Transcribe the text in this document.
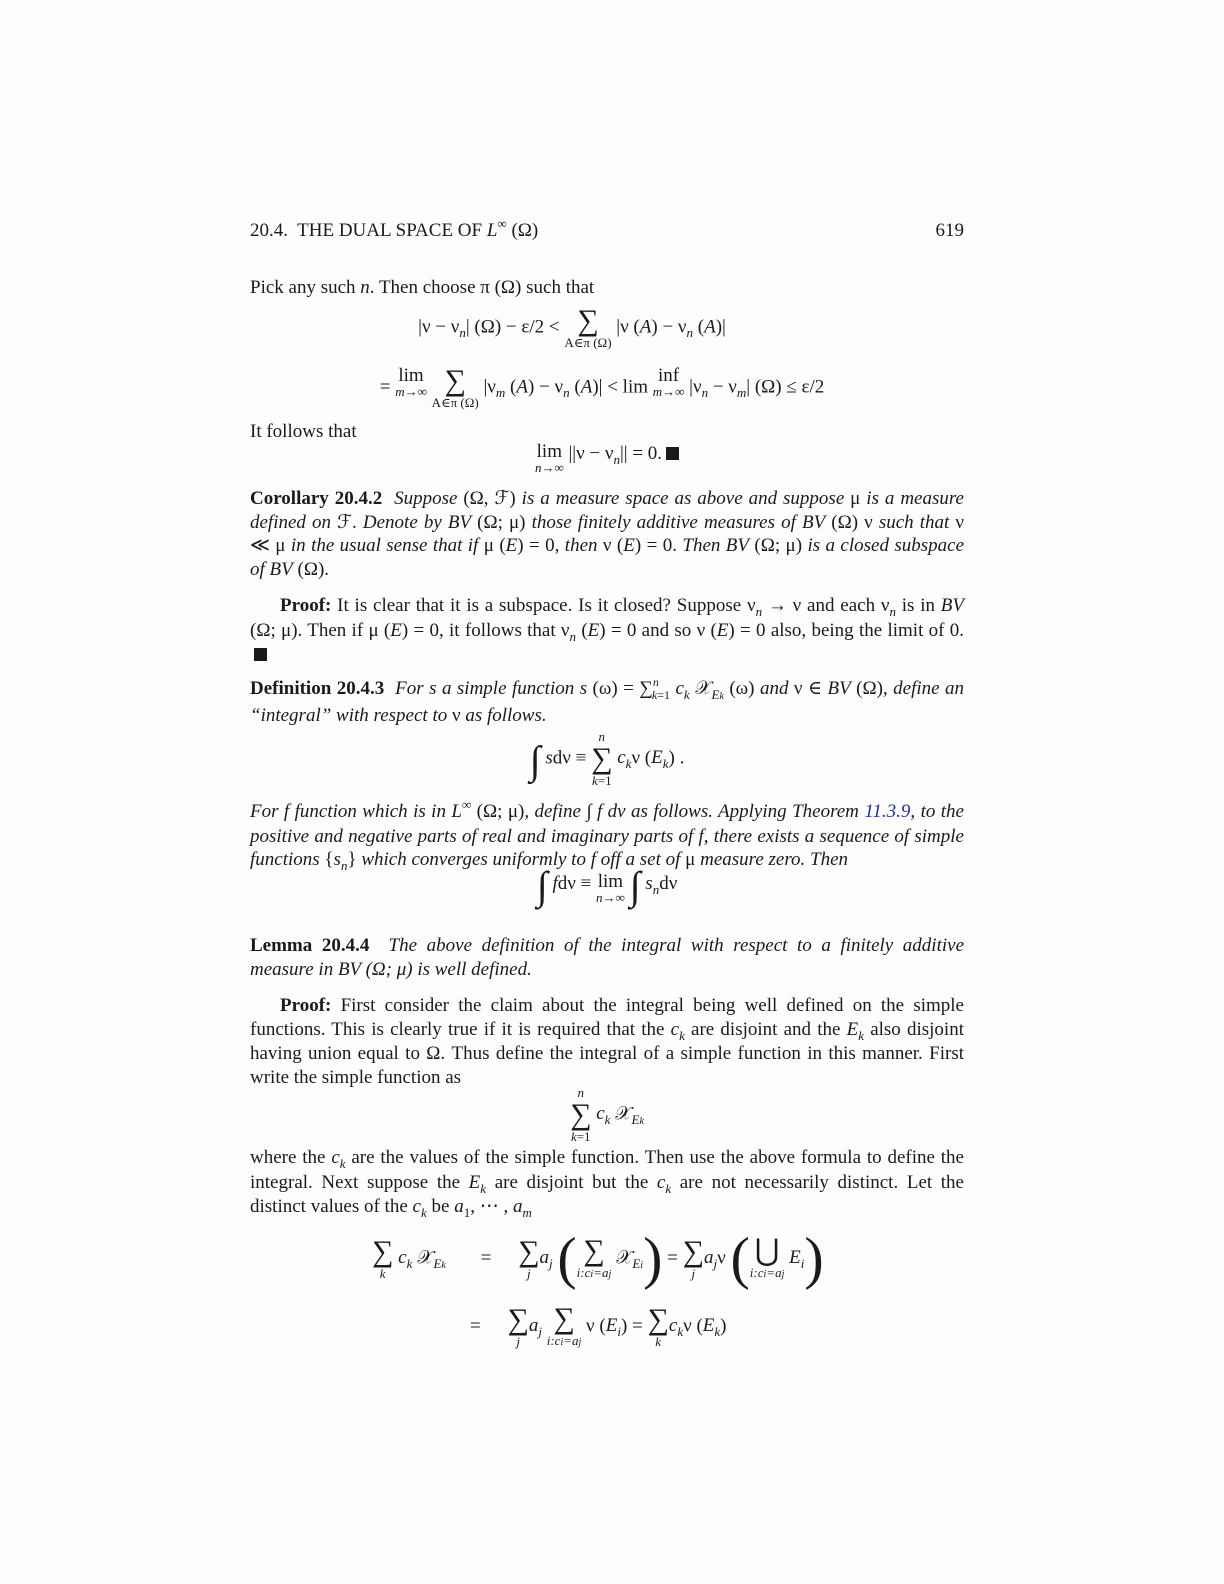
20.4.  THE DUAL SPACE OF L∞ (Ω)	619

Pick any such n. Then choose π (Ω) such that

$|\nu - \nu_n|$ (Ω) − ε/2 < ∑
A∈π (Ω)
|ν $(A) - \nu_n$ (A)|
=
lim
m→∞
∑
A∈π (Ω)
$|\nu_m$ $(A) - \nu_n$ (A)| < lim
inf
m→∞ $|\nu_n - \nu_m|$ (Ω) ≤ ε/2

It follows that

lim
n→∞
$||\nu - \nu_n|| = 0$.

Corollary 20.4.2 Suppose (Ω, ℱ) is a measure space as above and suppose μ is a measure defined on ℱ. Denote by BV (Ω; μ) those finitely additive measures of BV (Ω) ν such that ν ≪ μ in the usual sense that if μ (E) = 0, then ν (E) = 0. Then BV (Ω; μ) is a closed subspace of BV (Ω).

Proof: It is clear that it is a subspace. Is it closed? Suppose $\nu_n \to \nu$ and each $\nu_n$ is in BV (Ω; μ). Then if μ (E) = 0, it follows that $\nu_n$ (E) = 0 and so ν (E) = 0 also, being the limit of 0.

Definition 20.4.3 For s a simple function s (ω) = ∑$^n_{k=1}$ $c_k$ 𝒳$_{Ek}$ (ω) and ν ∈ BV (Ω), define an “integral” with respect to ν as follows.

∫ sdν ≡
n
∑
k=1
$c_k\nu$ $(E_k)$ .

For f function which is in L∞ (Ω; μ), define ∫ f dν as follows. Applying Theorem 11.3.9, to the positive and negative parts of real and imaginary parts of f, there exists a sequence of simple functions $\{s_n\}$ which converges uniformly to f off a set of μ measure zero. Then

∫ fdν ≡ lim
n→∞ ∫ $s_nd\nu$

Lemma 20.4.4 The above definition of the integral with respect to a finitely additive measure in BV (Ω; μ) is well defined.

Proof: First consider the claim about the integral being well defined on the simple functions. This is clearly true if it is required that the $c_k$ are disjoint and the $E_k$ also disjoint having union equal to Ω. Thus define the integral of a simple function in this manner. First write the simple function as

n
∑
k=1
$c_k$ 𝒳$_{Ek}$

where the $c_k$ are the values of the simple function. Then use the above formula to define the integral. Next suppose the $E_k$ are disjoint but the $c_k$ are not necessarily distinct. Let the distinct values of the $c_k$ be $a_1$, ⋯ , $a_m$

∑
k
$c_k$ 𝒳$_{Ek}$ = ∑
j
$a_j$ ( ∑
i:ci=aj
𝒳$_{Ei}$) = ∑
j
$a_j\nu$ ( ⋃
i:ci=aj
$E_i$)
= ∑
j
$a_j$ ∑
i:ci=aj
ν $(E_i)$ = ∑
k
$c_k\nu$ $(E_k)$
